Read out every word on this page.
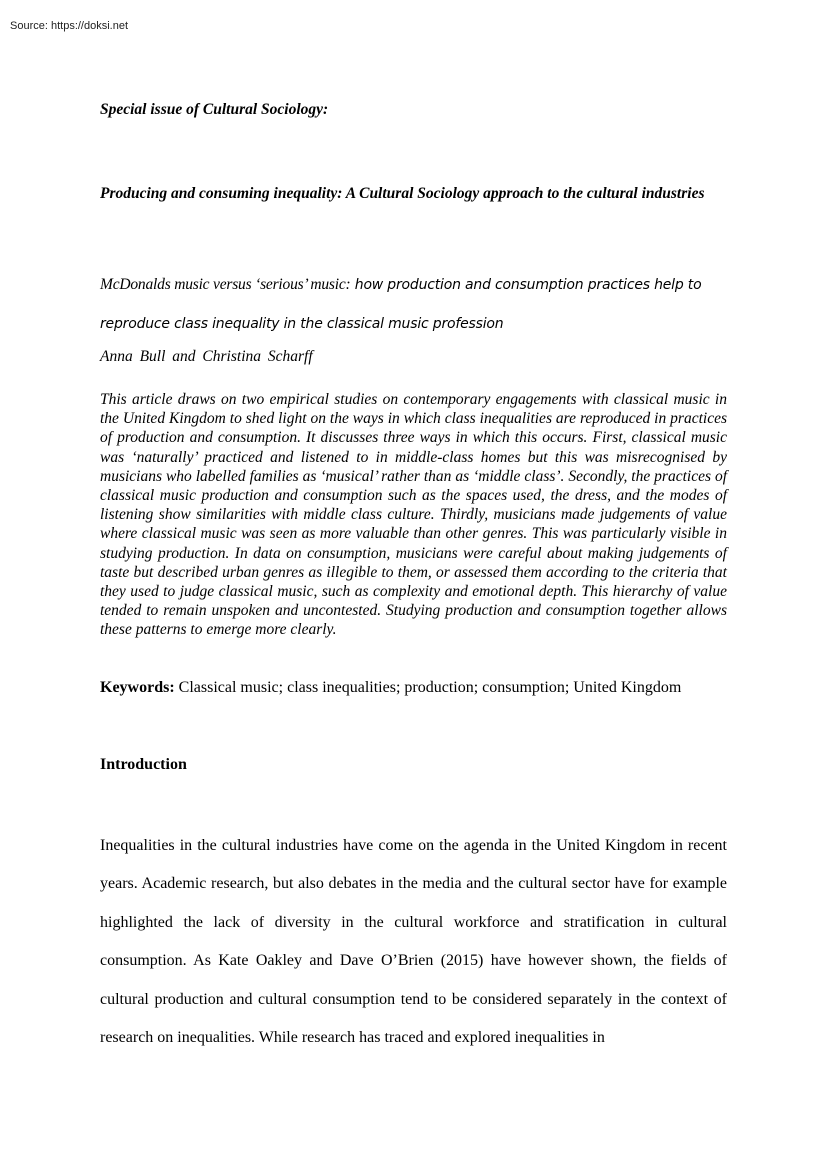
Source: https://doksi.net

Special issue of Cultural Sociology:

Producing and consuming inequality: A Cultural Sociology approach to the cultural industries

McDonalds music versus ‘serious’ music: how production and consumption practices help to reproduce class inequality in the classical music profession

Anna Bull and Christina Scharff

This article draws on two empirical studies on contemporary engagements with classical music in the United Kingdom to shed light on the ways in which class inequalities are reproduced in practices of production and consumption. It discusses three ways in which this occurs. First, classical music was ‘naturally’ practiced and listened to in middle-class homes but this was misrecognised by musicians who labelled families as ‘musical’ rather than as ‘middle class’. Secondly, the practices of classical music production and consumption such as the spaces used, the dress, and the modes of listening show similarities with middle class culture. Thirdly, musicians made judgements of value where classical music was seen as more valuable than other genres. This was particularly visible in studying production. In data on consumption, musicians were careful about making judgements of taste but described urban genres as illegible to them, or assessed them according to the criteria that they used to judge classical music, such as complexity and emotional depth. This hierarchy of value tended to remain unspoken and uncontested. Studying production and consumption together allows these patterns to emerge more clearly.

Keywords: Classical music; class inequalities; production; consumption; United Kingdom

Introduction

Inequalities in the cultural industries have come on the agenda in the United Kingdom in recent years. Academic research, but also debates in the media and the cultural sector have for example highlighted the lack of diversity in the cultural workforce and stratification in cultural consumption. As Kate Oakley and Dave O’Brien (2015) have however shown, the fields of cultural production and cultural consumption tend to be considered separately in the context of research on inequalities. While research has traced and explored inequalities in
